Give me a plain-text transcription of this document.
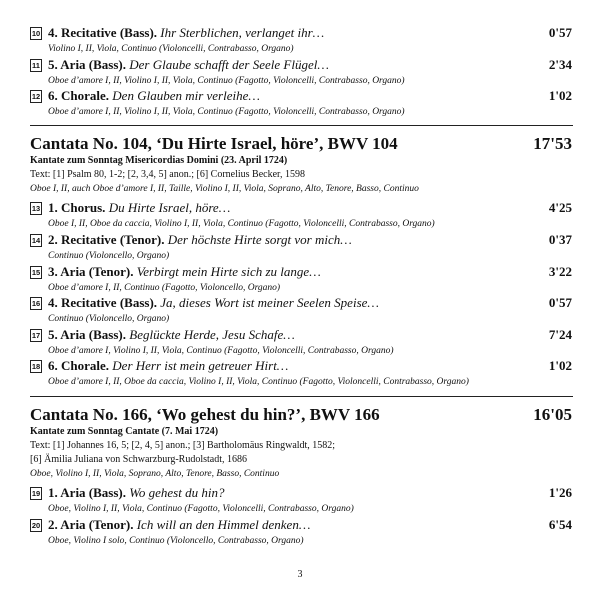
10 4. Recitative (Bass). Ihr Sterblichen, verlanget ihr…	0'57
Violino I, II, Viola, Continuo (Violoncelli, Contrabasso, Organo)
11 5. Aria (Bass). Der Glaube schafft der Seele Flügel…	2'34
Oboe d’amore I, II, Violino I, II, Viola, Continuo (Fagotto, Violoncelli, Contrabasso, Organo)
12 6. Chorale. Den Glauben mir verleihe…	1'02
Oboe d’amore I, II, Violino I, II, Viola, Continuo (Fagotto, Violoncelli, Contrabasso, Organo)
Cantata No. 104, ‘Du Hirte Israel, höre’, BWV 104	17'53
Kantate zum Sonntag Misericordias Domini (23. April 1724)
Text: [1] Psalm 80, 1-2; [2, 3,4, 5] anon.; [6] Cornelius Becker, 1598
Oboe I, II, auch Oboe d’amore I, II, Taille, Violino I, II, Viola, Soprano, Alto, Tenore, Basso, Continuo
13 1. Chorus. Du Hirte Israel, höre…	4'25
Oboe I, II, Oboe da caccia, Violino I, II, Viola, Continuo (Fagotto, Violoncelli, Contrabasso, Organo)
14 2. Recitative (Tenor). Der höchste Hirte sorgt vor mich…	0'37
Continuo (Violoncello, Organo)
15 3. Aria (Tenor). Verbirgt mein Hirte sich zu lange…	3'22
Oboe d’amore I, II, Continuo (Fagotto, Violoncello, Organo)
16 4. Recitative (Bass). Ja, dieses Wort ist meiner Seelen Speise…	0'57
Continuo (Violoncello, Organo)
17 5. Aria (Bass). Beglückte Herde, Jesu Schafe…	7'24
Oboe d’amore I, Violino I, II, Viola, Continuo (Fagotto, Violoncelli, Contrabasso, Organo)
18 6. Chorale. Der Herr ist mein getreuer Hirt…	1'02
Oboe d’amore I, II, Oboe da caccia, Violino I, II, Viola, Continuo (Fagotto, Violoncelli, Contrabasso, Organo)
Cantata No. 166, ‘Wo gehest du hin?’, BWV 166	16'05
Kantate zum Sonntag Cantate (7. Mai 1724)
Text: [1] Johannes 16, 5; [2, 4, 5] anon.; [3] Bartholomäus Ringwaldt, 1582;
[6] Ämilia Juliana von Schwarzburg-Rudolstadt, 1686
Oboe, Violino I, II, Viola, Soprano, Alto, Tenore, Basso, Continuo
19 1. Aria (Bass). Wo gehest du hin?	1'26
Oboe, Violino I, II, Viola, Continuo (Fagotto, Violoncelli, Contrabasso, Organo)
20 2. Aria (Tenor). Ich will an den Himmel denken…	6'54
Oboe, Violino I solo, Continuo (Violoncello, Contrabasso, Organo)
3
